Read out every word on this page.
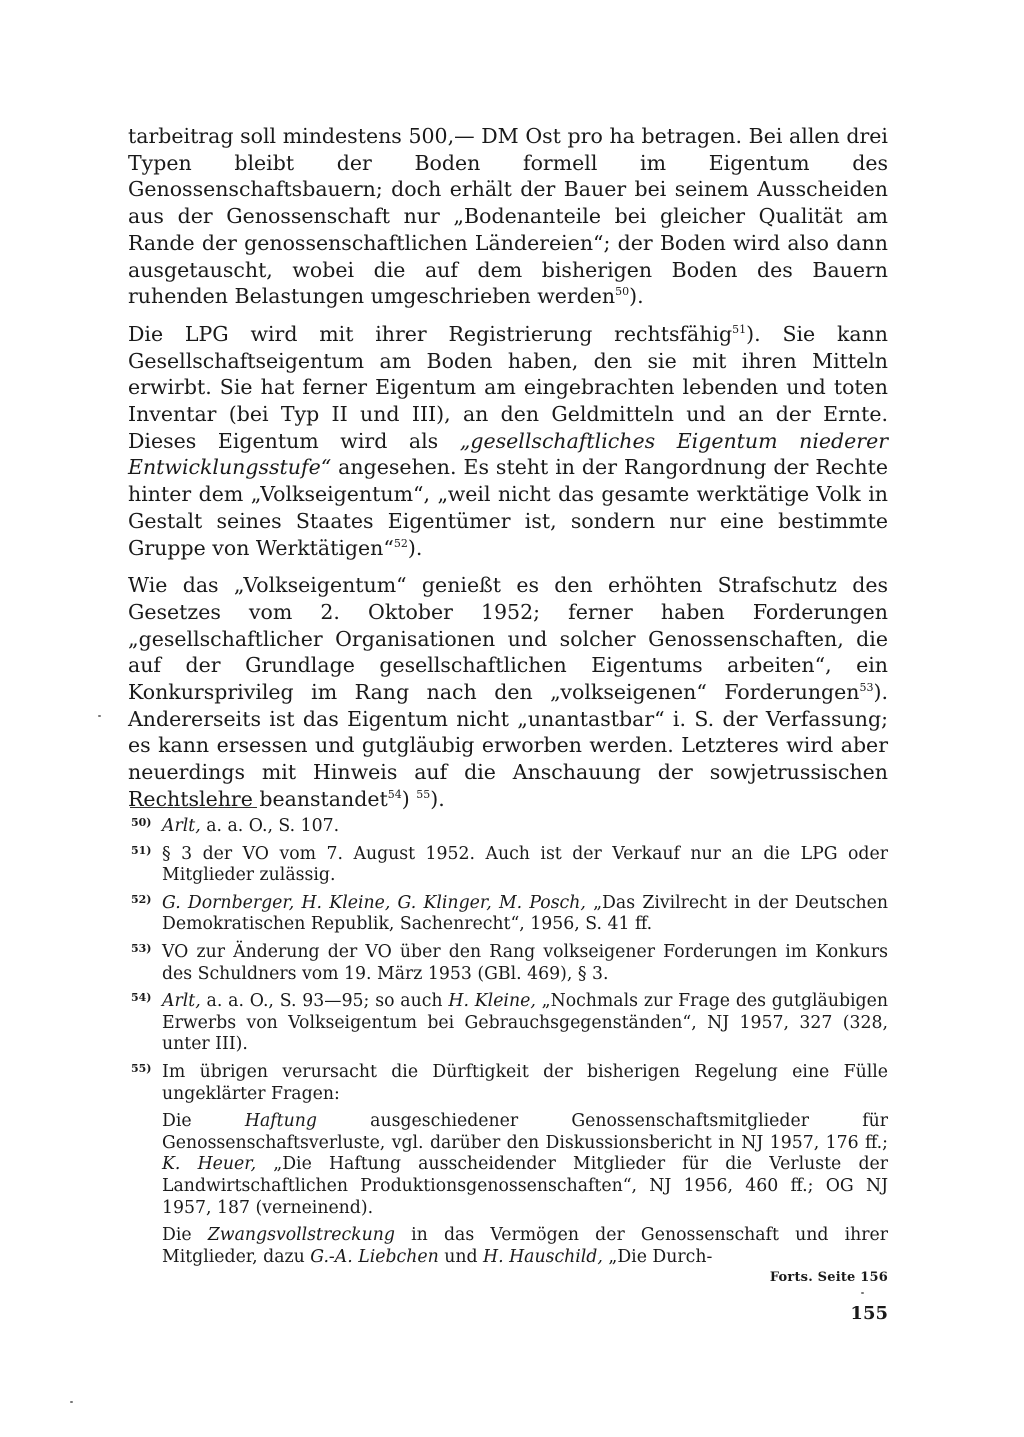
tarbeitrag soll mindestens 500,— DM Ost pro ha betragen. Bei allen drei Typen bleibt der Boden formell im Eigentum des Genossenschaftsbauern; doch erhält der Bauer bei seinem Ausscheiden aus der Genossenschaft nur „Bodenanteile bei gleicher Qualität am Rande der genossenschaftlichen Ländereien“; der Boden wird also dann ausgetauscht, wobei die auf dem bisherigen Boden des Bauern ruhenden Belastungen umgeschrieben werden$^{50}$).

Die LPG wird mit ihrer Registrierung rechtsfähig$^{51}$). Sie kann Gesellschaftseigentum am Boden haben, den sie mit ihren Mitteln erwirbt. Sie hat ferner Eigentum am eingebrachten lebenden und toten Inventar (bei Typ II und III), an den Geldmitteln und an der Ernte. Dieses Eigentum wird als „gesellschaftliches Eigentum niederer Entwicklungsstufe“ angesehen. Es steht in der Rangordnung der Rechte hinter dem „Volkseigentum“, „weil nicht das gesamte werktätige Volk in Gestalt seines Staates Eigentümer ist, sondern nur eine bestimmte Gruppe von Werktätigen“$^{52}$).

Wie das „Volkseigentum“ genießt es den erhöhten Strafschutz des Gesetzes vom 2. Oktober 1952; ferner haben Forderungen „gesellschaftlicher Organisationen und solcher Genossenschaften, die auf der Grundlage gesellschaftlichen Eigentums arbeiten“, ein Konkursprivileg im Rang nach den „volkseigenen“ Forderungen$^{53}$). Andererseits ist das Eigentum nicht „unantastbar“ i. S. der Verfassung; es kann ersessen und gutgläubig erworben werden. Letzteres wird aber neuerdings mit Hinweis auf die Anschauung der sowjetrussischen Rechtslehre beanstandet$^{54}$) $^{55}$).

50) Arlt, a. a. O., S. 107.
51) § 3 der VO vom 7. August 1952. Auch ist der Verkauf nur an die LPG oder Mitglieder zulässig.
52) G. Dornberger, H. Kleine, G. Klinger, M. Posch, „Das Zivilrecht in der Deutschen Demokratischen Republik, Sachenrecht“, 1956, S. 41 ff.
53) VO zur Änderung der VO über den Rang volkseigener Forderungen im Konkurs des Schuldners vom 19. März 1953 (GBl. 469), § 3.
54) Arlt, a. a. O., S. 93—95; so auch H. Kleine, „Nochmals zur Frage des gutgläubigen Erwerbs von Volkseigentum bei Gebrauchsgegenständen“, NJ 1957, 327 (328, unter III).
55) Im übrigen verursacht die Dürftigkeit der bisherigen Regelung eine Fülle ungeklärter Fragen:

Die Haftung ausgeschiedener Genossenschaftsmitglieder für Genossenschaftsverluste, vgl. darüber den Diskussionsbericht in NJ 1957, 176 ff.; K. Heuer, „Die Haftung ausscheidender Mitglieder für die Verluste der Landwirtschaftlichen Produktionsgenossenschaften“, NJ 1956, 460 ff.; OG NJ 1957, 187 (verneinend).

Die Zwangsvollstreckung in das Vermögen der Genossenschaft und ihrer Mitglieder, dazu G.-A. Liebchen und H. Hauschild, „Die Durch-

Forts. Seite 156
155
